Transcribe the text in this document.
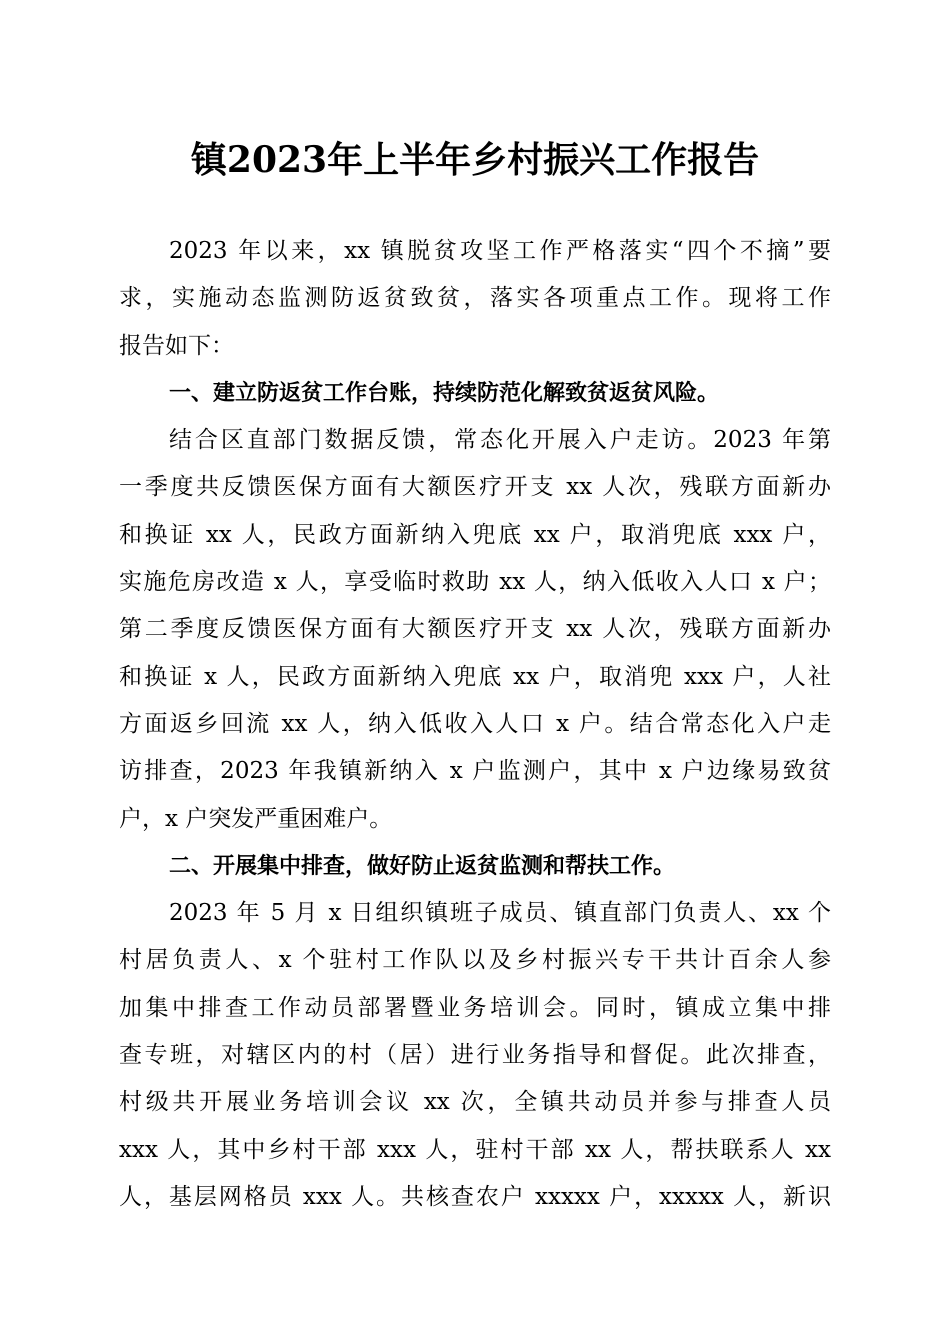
镇2023年上半年乡村振兴工作报告
2023 年以来，xx 镇脱贫攻坚工作严格落实“四个不摘”要
求，实施动态监测防返贫致贫，落实各项重点工作。现将工作
报告如下：
一、建立防返贫工作台账，持续防范化解致贫返贫风险。
结合区直部门数据反馈，常态化开展入户走访。2023 年第
一季度共反馈医保方面有大额医疗开支 xx 人次，残联方面新办
和换证 xx 人，民政方面新纳入兜底 xx 户，取消兜底 xxx 户，
实施危房改造 x 人，享受临时救助 xx 人，纳入低收入人口 x 户；
第二季度反馈医保方面有大额医疗开支 xx 人次，残联方面新办
和换证 x 人，民政方面新纳入兜底 xx 户，取消兜 xxx 户，人社
方面返乡回流 xx 人，纳入低收入人口 x 户。结合常态化入户走
访排查，2023 年我镇新纳入 x 户监测户，其中 x 户边缘易致贫
户，x 户突发严重困难户。
二、开展集中排查，做好防止返贫监测和帮扶工作。
2023 年 5 月 x 日组织镇班子成员、镇直部门负责人、xx 个
村居负责人、x 个驻村工作队以及乡村振兴专干共计百余人参
加集中排查工作动员部署暨业务培训会。同时，镇成立集中排
查专班，对辖区内的村（居）进行业务指导和督促。此次排查，
村级共开展业务培训会议 xx 次，全镇共动员并参与排查人员
xxx 人，其中乡村干部 xxx 人，驻村干部 xx 人，帮扶联系人 xx
人，基层网格员 xxx 人。共核查农户 xxxxx 户，xxxxx 人，新识
